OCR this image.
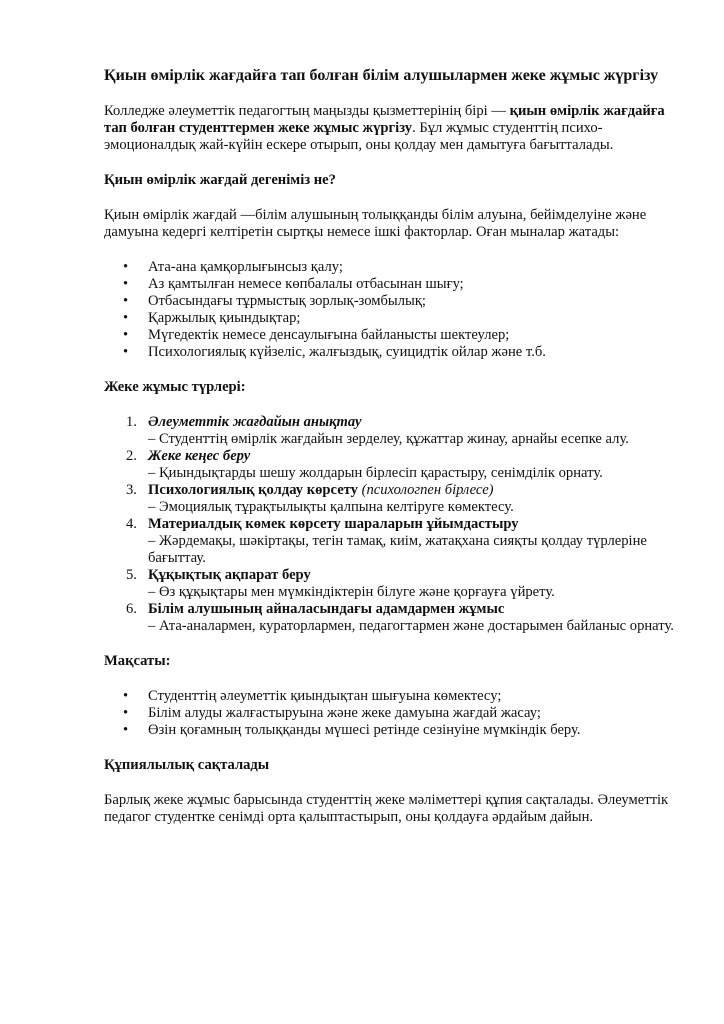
Қиын өмірлік жағдайға тап болған білім алушылармен жеке жұмыс жүргізу

Колледже әлеуметтік педагогтың маңызды қызметтерінің бірі — қиын өмірлік жағдайға тап болған студенттермен жеке жұмыс жүргізу. Бұл жұмыс студенттің психо-эмоционалдық жай-күйін ескере отырып, оны қолдау мен дамытуға бағытталады.

Қиын өмірлік жағдай дегеніміз не?

Қиын өмірлік жағдай —білім алушының толыққанды білім алуына, бейімделуіне және дамуына кедергі келтіретін сыртқы немесе ішкі факторлар. Оған мыналар жатады:

• Ата-ана қамқорлығынсыз қалу;
• Аз қамтылған немесе көпбалалы отбасынан шығу;
• Отбасындағы тұрмыстық зорлық-зомбылық;
• Қаржылық қиындықтар;
• Мүгедектік немесе денсаулығына байланысты шектеулер;
• Психологиялық күйзеліс, жалғыздық, суицидтік ойлар және т.б.

Жеке жұмыс түрлері:

1. Әлеуметтік жағдайын анықтау
– Студенттің өмірлік жағдайын зерделеу, құжаттар жинау, арнайы есепке алу.
2. Жеке кеңес беру
– Қиындықтарды шешу жолдарын бірлесіп қарастыру, сенімділік орнату.
3. Психологиялық қолдау көрсету (психологпен бірлесе)
– Эмоциялық тұрақтылықты қалпына келтіруге көмектесу.
4. Материалдық көмек көрсету шараларын ұйымдастыру
– Жәрдемақы, шәкіртақы, тегін тамақ, киім, жатақхана сияқты қолдау түрлеріне бағыттау.
5. Құқықтық ақпарат беру
– Өз құқықтары мен мүмкіндіктерін білуге және қорғауға үйрету.
6. Білім алушының айналасындағы адамдармен жұмыс
– Ата-аналармен, кураторлармен, педагогтармен және достарымен байланыс орнату.

Мақсаты:

• Студенттің әлеуметтік қиындықтан шығуына көмектесу;
• Білім алуды жалғастыруына және жеке дамуына жағдай жасау;
• Өзін қоғамның толыққанды мүшесі ретінде сезінуіне мүмкіндік беру.

Құпиялылық сақталады

Барлық жеке жұмыс барысында студенттің жеке мәліметтері құпия сақталады. Әлеуметтік педагог студентке сенімді орта қалыптастырып, оны қолдауға әрдайым дайын.
